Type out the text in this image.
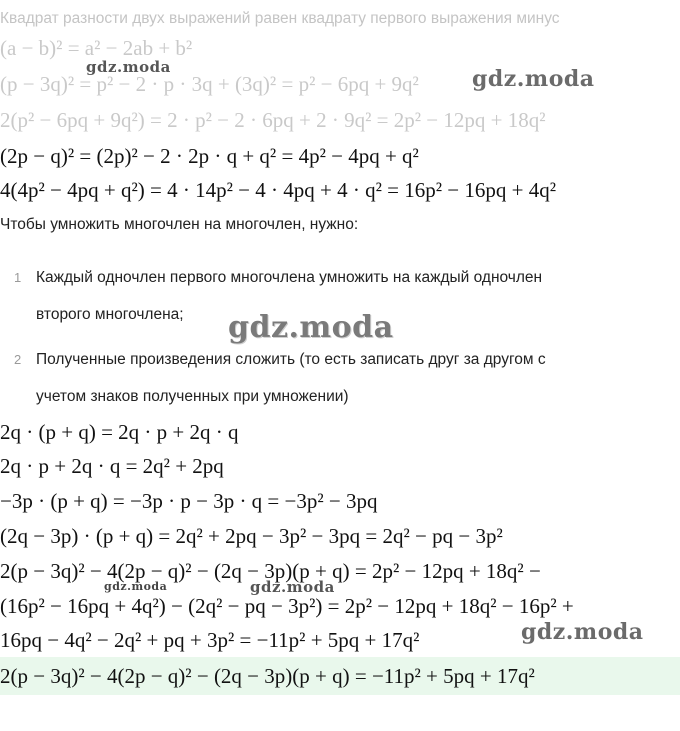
Квадрат разности двух выражений равен квадрату первого выражения минус
(a − b)² = a² − 2ab + b²
(p − 3q)² = p² − 2 · p · 3q + (3q)² = p² − 6pq + 9q²
2(p² − 6pq + 9q²) = 2 · p² − 2 · 6pq + 2 · 9q² = 2p² − 12pq + 18q²
(2p − q)² = (2p)² − 2 · 2p · q + q² = 4p² − 4pq + q²
4(4p² − 4pq + q²) = 4 · 14p² − 4 · 4pq + 4 · q² = 16p² − 16pq + 4q²
Чтобы умножить многочлен на многочлен, нужно:
1 Каждый одночлен первого многочлена умножить на каждый одночлен
второго многочлена;
2 Полученные произведения сложить (то есть записать друг за другом с
учетом знаков полученных при умножении)
2q · (p + q) = 2q · p + 2q · q
2q · p + 2q · q = 2q² + 2pq
−3p · (p + q) = −3p · p − 3p · q = −3p² − 3pq
(2q − 3p) · (p + q) = 2q² + 2pq − 3p² − 3pq = 2q² − pq − 3p²
2(p − 3q)² − 4(2p − q)² − (2q − 3p)(p + q) = 2p² − 12pq + 18q² −
(16p² − 16pq + 4q²) − (2q² − pq − 3p²) = 2p² − 12pq + 18q² − 16p² +
16pq − 4q² − 2q² + pq + 3p² = −11p² + 5pq + 17q²
2(p − 3q)² − 4(2p − q)² − (2q − 3p)(p + q) = −11p² + 5pq + 17q²
gdz.moda	gdz.moda
gdz.moda
gdz.moda	gdz.moda
gdz.moda
